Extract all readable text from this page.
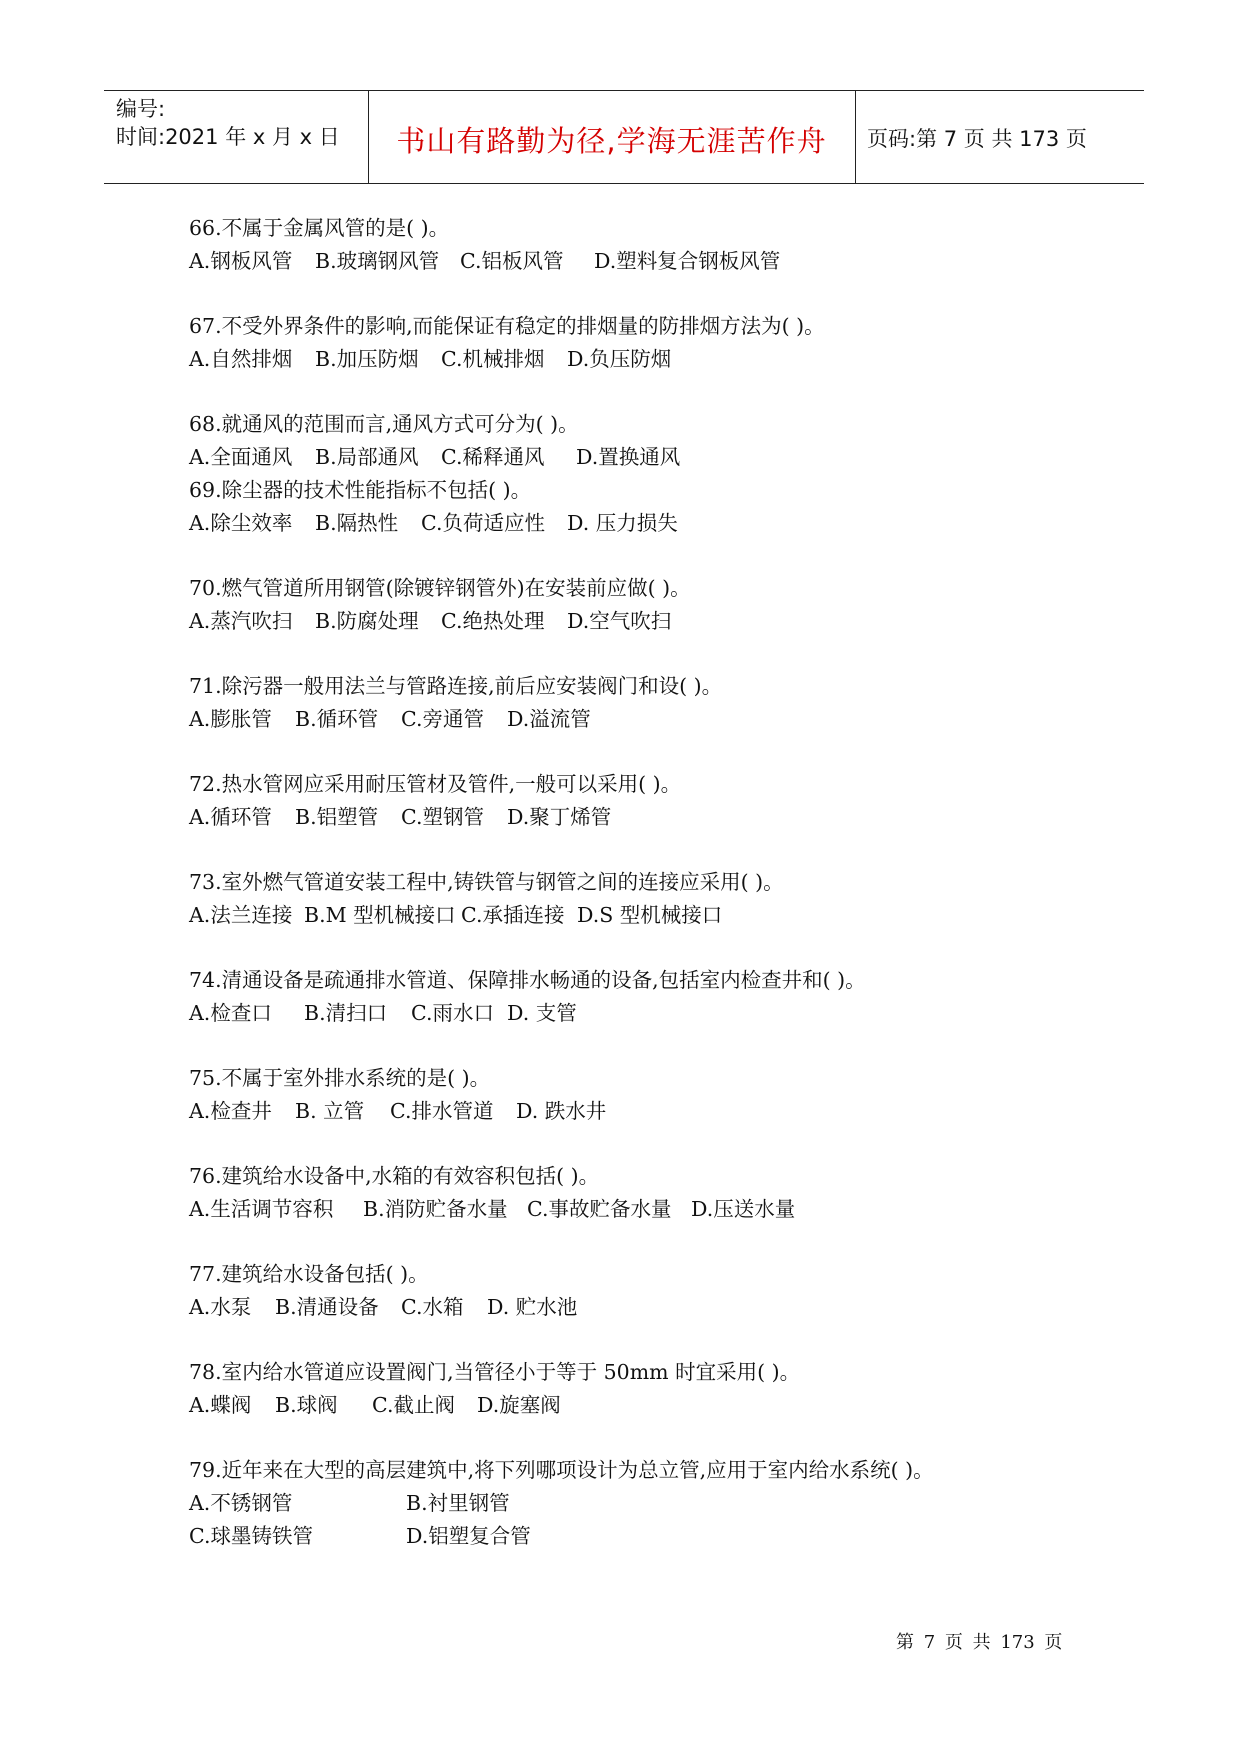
编号:
时间:2021 年 x 月 x 日	书山有路勤为径,学海无涯苦作舟	页码:第 7 页 共 173 页
66.不属于金属风管的是( )。
A.钢板风管 B.玻璃钢风管 C.铝板风管 D.塑料复合钢板风管
67.不受外界条件的影响,而能保证有稳定的排烟量的防排烟方法为( )。
A.自然排烟 B.加压防烟 C.机械排烟 D.负压防烟
68.就通风的范围而言,通风方式可分为( )。
A.全面通风 B.局部通风 C.稀释通风 D.置换通风
69.除尘器的技术性能指标不包括( )。
A.除尘效率 B.隔热性 C.负荷适应性 D. 压力损失
70.燃气管道所用钢管(除镀锌钢管外)在安装前应做( )。
A.蒸汽吹扫 B.防腐处理 C.绝热处理 D.空气吹扫
71.除污器一般用法兰与管路连接,前后应安装阀门和设( )。
A.膨胀管 B.循环管 C.旁通管 D.溢流管
72.热水管网应采用耐压管材及管件,一般可以采用( )。
A.循环管 B.铝塑管 C.塑钢管 D.聚丁烯管
73.室外燃气管道安装工程中,铸铁管与钢管之间的连接应采用( )。
A.法兰连接 B.M 型机械接口 C.承插连接 D.S 型机械接口
74.清通设备是疏通排水管道、保障排水畅通的设备,包括室内检查井和( )。
A.检查口 B.清扫口 C.雨水口 D. 支管
75.不属于室外排水系统的是( )。
A.检查井 B. 立管 C.排水管道 D. 跌水井
76.建筑给水设备中,水箱的有效容积包括( )。
A.生活调节容积 B.消防贮备水量 C.事故贮备水量 D.压送水量
77.建筑给水设备包括( )。
A.水泵 B.清通设备 C.水箱 D. 贮水池
78.室内给水管道应设置阀门,当管径小于等于 50mm 时宜采用( )。
A.蝶阀 B.球阀 C.截止阀 D.旋塞阀
79.近年来在大型的高层建筑中,将下列哪项设计为总立管,应用于室内给水系统( )。
A.不锈钢管	B.衬里钢管
C.球墨铸铁管	D.铝塑复合管
第 7 页 共 173 页
